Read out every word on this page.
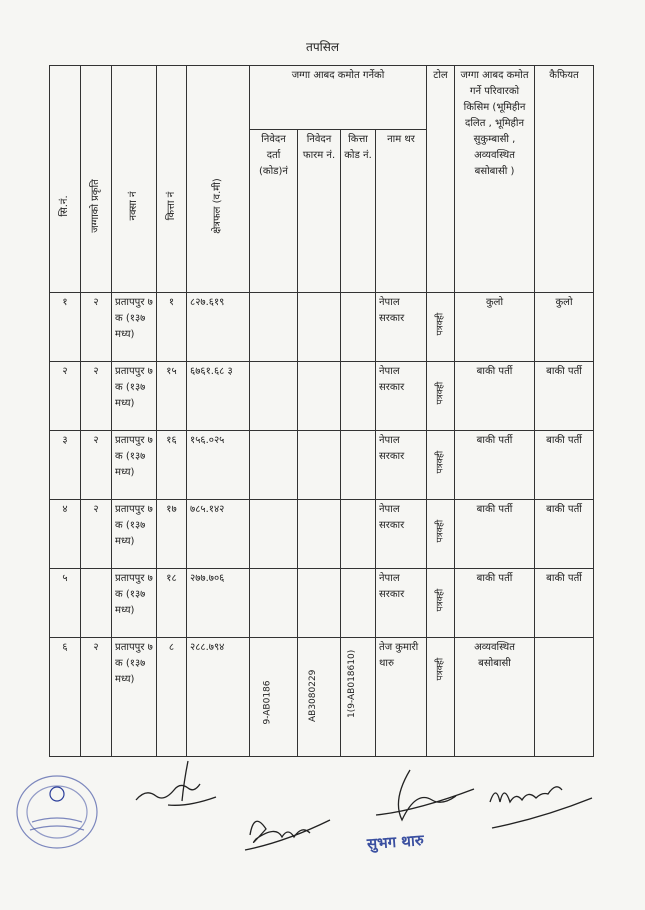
तपसिल
सि.नं.	जग्गाको प्रकृति	नक्सा नं	कित्ता नं	क्षेत्रफल (व.मी)	जग्गा आबद कमोत गर्नेको				टोल	जग्गा आबद कमोत गर्ने परिवारको किसिम (भूमिहीन दलित , भूमिहीन सुकुम्बासी , अव्यवस्थित बसोबासी )	कैफियत
					निवेदन दर्ता (कोड)नं	निवेदन फारम नं.	कित्ता कोड नं.	नाम थर			
१	२	प्रतापपुर ७ क (१३७ मध्य)	१	८२७.६१९				नेपाल सरकार	पत्रक्ही	कुलो	कुलो
२	२	प्रतापपुर ७ क (१३७ मध्य)	१५	६७६१.६८ ३				नेपाल सरकार	पत्रक्ही	बाकी पर्ती	बाकी पर्ती
३	२	प्रतापपुर ७ क (१३७ मध्य)	१६	१५६.०२५				नेपाल सरकार	पत्रक्ही	बाकी पर्ती	बाकी पर्ती
४	२	प्रतापपुर ७ क (१३७ मध्य)	१७	७८५.१४२				नेपाल सरकार	पत्रक्ही	बाकी पर्ती	बाकी पर्ती
५		प्रतापपुर ७ क (१३७ मध्य)	१८	२७७.७०६				नेपाल सरकार	पत्रक्ही	बाकी पर्ती	बाकी पर्ती
६	२	प्रतापपुर ७ क (१३७ मध्य)	८	२८८.७९४	9-AB0186	AB3080229	1(9-AB018610)	तेज कुमारी थारु	पत्रक्ही	अव्यवस्थित बसोबासी	
सुभग थारु
